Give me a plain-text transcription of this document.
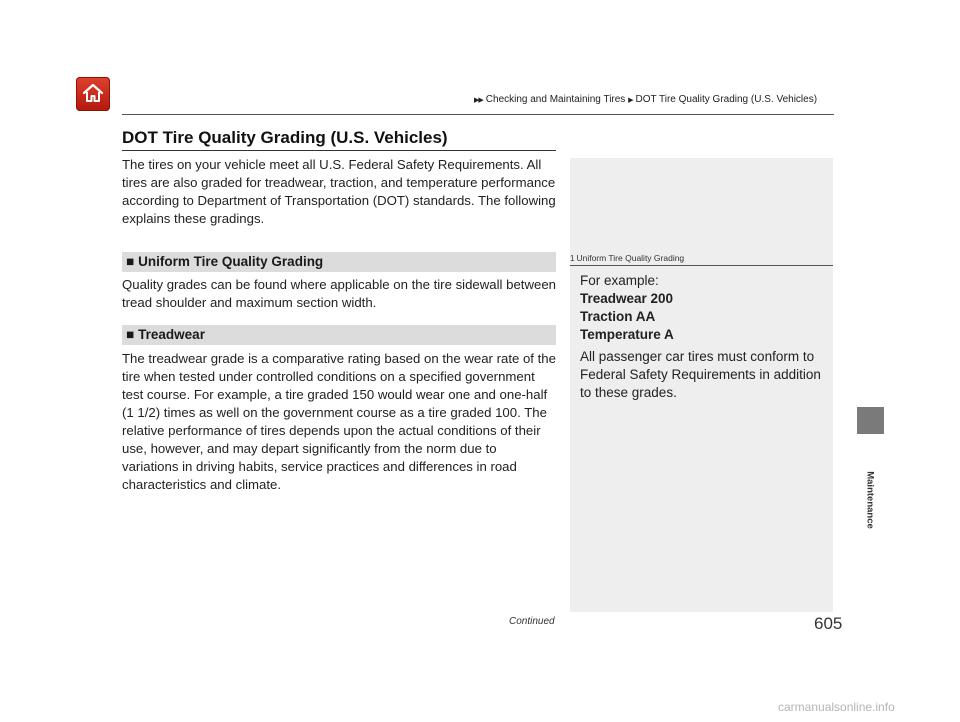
▶▶ Checking and Maintaining Tires ▶ DOT Tire Quality Grading (U.S. Vehicles)
DOT Tire Quality Grading (U.S. Vehicles)

The tires on your vehicle meet all U.S. Federal Safety Requirements. All tires are also graded for treadwear, traction, and temperature performance according to Department of Transportation (DOT) standards. The following explains these gradings.

■ Uniform Tire Quality Grading

Quality grades can be found where applicable on the tire sidewall between tread shoulder and maximum section width.

■ Treadwear

The treadwear grade is a comparative rating based on the wear rate of the tire when tested under controlled conditions on a specified government test course. For example, a tire graded 150 would wear one and one-half (1 1/2) times as well on the government course as a tire graded 100. The relative performance of tires depends upon the actual conditions of their use, however, and may depart significantly from the norm due to variations in driving habits, service practices and differences in road characteristics and climate.

1 Uniform Tire Quality Grading
For example:
Treadwear 200
Traction AA
Temperature A

All passenger car tires must conform to Federal Safety Requirements in addition to these grades.

Maintenance
Continued	605
carmanualsonline.info
